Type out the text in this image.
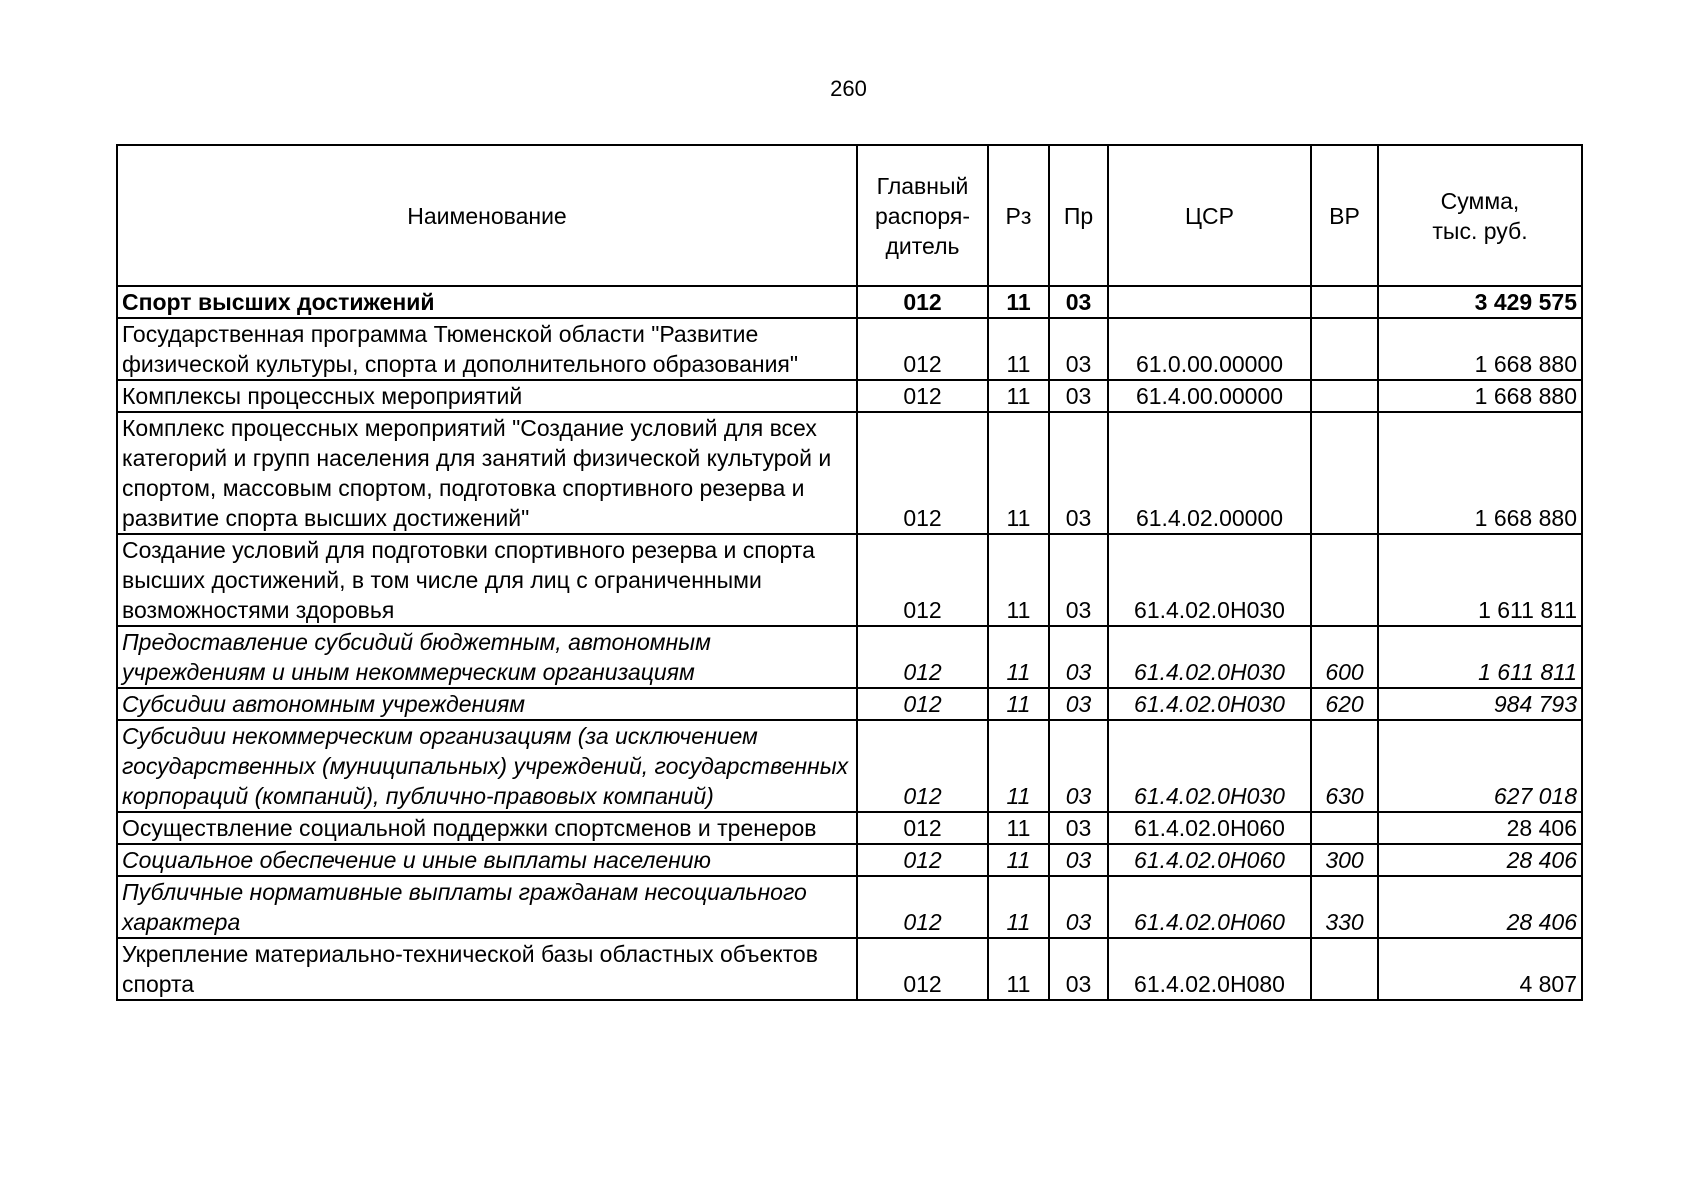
260
Наименование	Главный
распоря-
дитель	Рз	Пр	ЦСР	ВР	Сумма,
тыс. руб.

Спорт высших достижений	012	11	03			3 429 575
Государственная программа Тюменской области "Развитие физической культуры, спорта и дополнительного образования"	012	11	03	61.0.00.00000		1 668 880
Комплексы процессных мероприятий	012	11	03	61.4.00.00000		1 668 880
Комплекс процессных мероприятий "Создание условий для всех категорий и групп населения для занятий физической культурой и спортом, массовым спортом, подготовка спортивного резерва и развитие спорта высших достижений"	012	11	03	61.4.02.00000		1 668 880
Создание условий для подготовки спортивного резерва и спорта высших достижений, в том числе для лиц с ограниченными возможностями здоровья	012	11	03	61.4.02.0Н030		1 611 811
Предоставление субсидий бюджетным, автономным учреждениям и иным некоммерческим организациям	012	11	03	61.4.02.0Н030	600	1 611 811
Субсидии автономным учреждениям	012	11	03	61.4.02.0Н030	620	984 793
Субсидии некоммерческим организациям (за исключением государственных (муниципальных) учреждений, государственных корпораций (компаний), публично-правовых компаний)	012	11	03	61.4.02.0Н030	630	627 018
Осуществление социальной поддержки спортсменов и тренеров	012	11	03	61.4.02.0Н060		28 406
Социальное обеспечение и иные выплаты населению	012	11	03	61.4.02.0Н060	300	28 406
Публичные нормативные выплаты гражданам несоциального характера	012	11	03	61.4.02.0Н060	330	28 406
Укрепление материально-технической базы областных объектов спорта	012	11	03	61.4.02.0Н080		4 807
